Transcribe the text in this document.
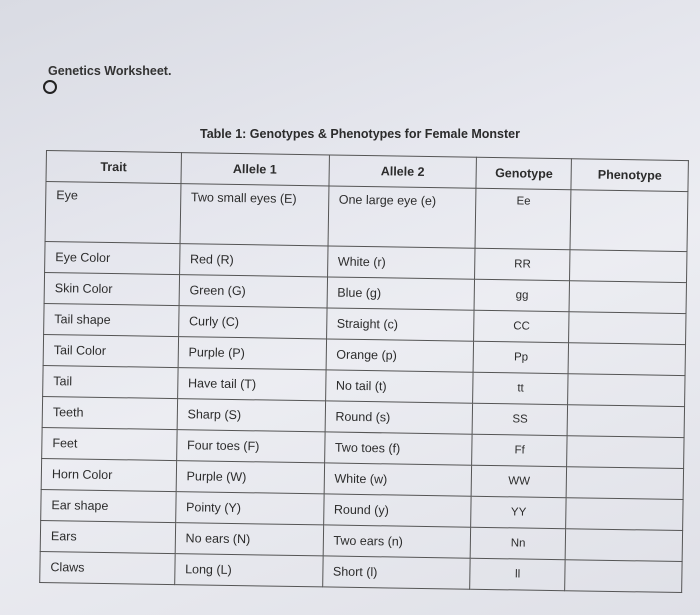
Genetics Worksheet.
Table 1: Genotypes & Phenotypes for Female Monster
Trait	Allele 1	Allele 2	Genotype	Phenotype
Eye	Two small eyes (E)	One large eye (e)	Ee	
Eye Color	Red (R)	White (r)	RR	
Skin Color	Green (G)	Blue (g)	gg	
Tail shape	Curly (C)	Straight (c)	CC	
Tail Color	Purple (P)	Orange (p)	Pp	
Tail	Have tail (T)	No tail (t)	tt	
Teeth	Sharp (S)	Round (s)	SS	
Feet	Four toes (F)	Two toes (f)	Ff	
Horn Color	Purple (W)	White (w)	WW	
Ear shape	Pointy (Y)	Round (y)	YY	
Ears	No ears (N)	Two ears (n)	Nn	
Claws	Long (L)	Short (l)	ll	
